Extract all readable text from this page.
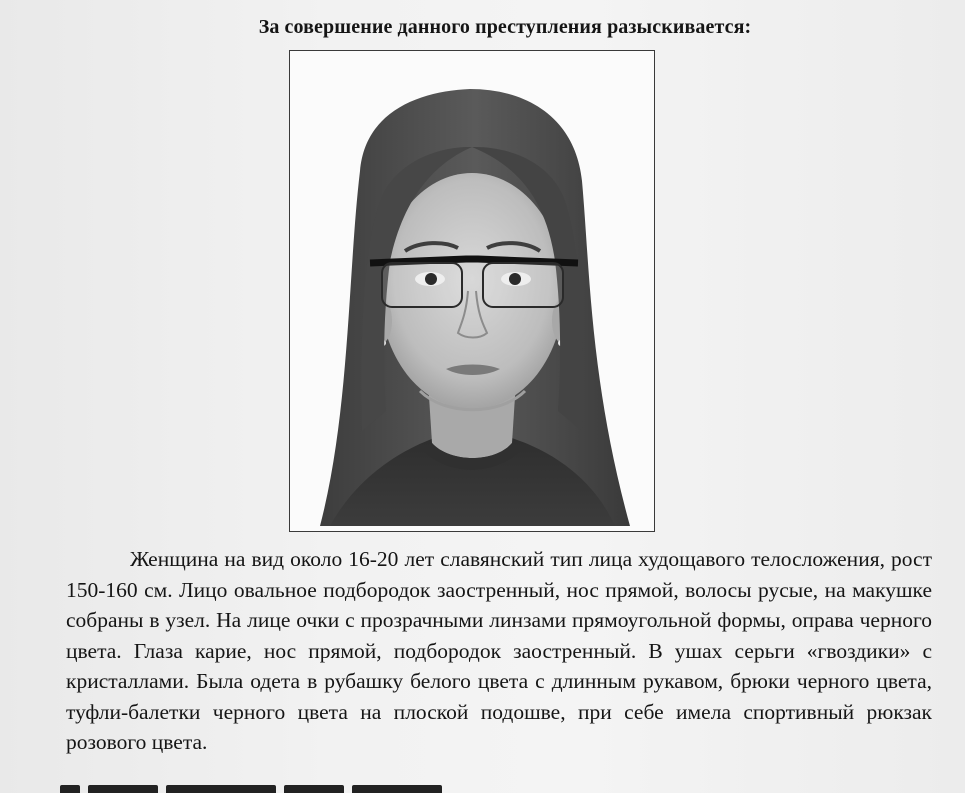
За совершение данного преступления разыскивается:

Женщина на вид около 16-20 лет славянский тип лица худощавого телосложения, рост 150-160 см. Лицо овальное подбородок заостренный, нос прямой, волосы русые, на макушке собраны в узел. На лице очки с прозрачными линзами прямоугольной формы, оправа черного цвета. Глаза карие, нос прямой, подбородок заостренный. В ушах серьги «гвоздики» с кристаллами. Была одета в рубашку белого цвета с длинным рукавом, брюки черного цвета, туфли-балетки черного цвета на плоской подошве, при себе имела спортивный рюкзак розового цвета.
